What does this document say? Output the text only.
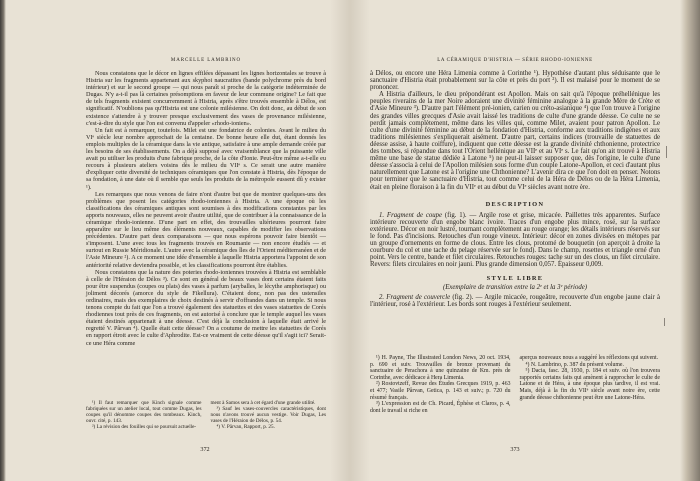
MARCELLE LAMBRINO

Nous constatons que le décor en lignes effilées dépassant les lignes horizontales se trouve à Histria sur les fragments appartenant aux skyphoi naucratites (bande polychrome près du bord intérieur) et sur le second groupe — qui nous paraît si proche de la catégorie indéterminée de Dugas. N'y a-t-il pas là certaines présomptions en faveur de leur commune origine? Le fait que de tels fragments existent concurremment à Histria, après s'être trouvés ensemble à Délos, est significatif. N'oublions pas qu'Histria est une colonie milésienne. On doit donc, au début de son existence s'attendre à y trouver presque exclusivement des vases de provenance milésienne, c'est-à-dire du style que l'on est convenu d'appeler «rhodo-ionien».

Un fait est à remarquer, toutefois. Milet est une fondatrice de colonies. Avant le milieu du VIᵉ siècle leur nombre approchait de la centaine. De bonne heure elle dut, étant donnés les emplois multiples de la céramique dans la vie antique, satisfaire à une ample demande créée par les besoins de ses établissements. On a déjà supposé avec vraisemblance que la puissante ville avait pu utiliser les produits d'une fabrique proche, de la côte d'Ionie. Peut-être même a-t-elle eu recours à plusieurs ateliers voisins dès le milieu du VIIᵉ s. Ce serait une autre manière d'expliquer cette diversité de techniques céramiques que l'on constate à Histria, dès l'époque de sa fondation, à une date où il semble que seuls les produits de la métropole eussent dû y exister ¹).

Les remarques que nous venons de faire n'ont d'autre but que de montrer quelques-uns des problèmes que posent les catégories rhodo-ioniennes à Histria. A une époque où les classifications des céramiques antiques sont soumises à des modifications constantes par les apports nouveaux, elles ne peuvent avoir d'autre utilité, que de contribuer à la connaissance de la céramique rhodo-ionienne. D'une part en effet, des trouvailles ultérieures pourront faire apparaître sur le lieu même des éléments nouveaux, capables de modifier les observations précédentes. D'autre part deux comparaisons — que nous espérons pouvoir faire bientôt — s'imposent. L'une avec tous les fragments trouvés en Roumanie — non encore étudiés — et surtout en Russie Méridionale. L'autre avec la céramique des îles de l'Orient méditerranéen et de l'Asie Mineure ²). A ce moment une idée d'ensemble à laquelle Histria apportera l'appoint de son antériorité relative deviendra possible, et les classifications pourront être établies.

Nous constatons que la nature des poteries rhodo-ioniennes trouvées à Histria est semblable à celle de l'Héraion de Délos ³). Ce sont en général de beaux vases dont certains étaient faits pour être suspendus (coupes ou plats) des vases à parfum (aryballes, le lécythe amphorisque) ou joliment décorés (amorce du style de Fikellura). C'étaient donc, non pas des ustensiles ordinaires, mais des exemplaires de choix destinés à servir d'offrandes dans un temple. Si nous tenons compte du fait que l'on a trouvé également des statuettes et des vases statuettes de Corés rhodiennes tout près de ces fragments, on est autorisé à conclure que le temple auquel les vases étaient destinés appartenait à une déesse. C'est déjà la conclusion à laquelle était arrivé le regretté V. Pârvan ⁴). Quelle était cette déesse? On a coutume de mettre les statuettes de Corés en rapport étroit avec le culte d'Aphrodite. Est-ce vraiment de cette déesse qu'il s'agit ici? Serait-ce une Héra comme

¹) Il faut remarquer que Kinch signale comme fabriquées sur un atelier local, tout comme Dugas, les coupes qu'il dénomme coupes des tombeaux. Kinch, ouvr. cité, p. 143.

²) La révision des fouilles qui se poursuit actuelle-

ment à Samos sera à cet égard d'une grande utilité.

³) Sauf les vases-couvercles caractéristiques, dont nous n'avons trouvé aucun vestige. Voir Dugas, Les vases de l'Héraion de Délos, p. 54.

⁴) V. Pârvan, Rapport, p. 25.

372
LA CÉRAMIQUE D'HISTRIA — SÉRIE RHODO-IONIENNE

à Délos, ou encore une Héra Limenia comme à Corinthe ¹). Hypothèse d'autant plus séduisante que le sanctuaire d'Histria était probablement sur la côte et près du port ²). Il est malaisé pour le moment de se prononcer.

A Histria d'ailleurs, le dieu prépondérant est Apollon. Mais on sait qu'à l'époque préhellénique les peuples riverains de la mer Noire adoraient une divinité féminine analogue à la grande Mère de Crète et d'Asie Mineure ³). D'autre part l'élément pré-ionien, carien ou créto-asianique ⁴) que l'on trouve à l'origine des grandes villes grecques d'Asie avait laissé les traditions de culte d'une grande déesse. Ce culte ne se perdit jamais complètement, même dans les villes qui, comme Milet, avaient pour patron Apollon. Le culte d'une divinité féminine au début de la fondation d'Histria, conforme aux traditions indigènes et aux traditions milésiennes s'expliquerait aisément. D'autre part, certains indices (trouvaille de statuettes de déesse assise, à haute coiffure), indiquent que cette déesse est la grande divinité chthonienne, protectrice des tombes, si répandue dans tout l'Orient hellénique au VIIᵉ et au VIᵉ s. Le fait qu'on ait trouvé à Histria même une base de statue dédiée à Latone ⁵) ne peut-il laisser supposer que, dès l'origine, le culte d'une déesse s'associa à celui de l'Apollon milésien sous forme d'un couple Latone-Apollon, et ceci d'autant plus naturellement que Latone est à l'origine une Chthonienne? L'avenir dira ce que l'on doit en penser. Notons pour terminer que le sanctuaire d'Histria, tout comme celui de la Héra de Délos ou de la Héra Limenia, était en pleine floraison à la fin du VIIᵉ et au début du VIᵉ siècles avant notre ère.

DESCRIPTION

1. Fragment de coupe (fig. 1). — Argile rose et grise, micacée. Paillettes très apparentes. Surface intérieure recouverte d'un engobe blanc ivoire. Traces d'un engobe plus mince, rosé, sur la surface extérieure. Décor en noir lustré, tournant complètement au rouge orange; les détails intérieurs réservés sur le fond. Pas d'incisions. Retouches d'un rouge vineux. Intérieur: décor en zones divisées en métopes par un groupe d'ornements en forme de clous. Entre les clous, protomé de bouquetin (on aperçoit à droite la courbure du col et une tache du pelage réservée sur le fond). Dans le champ, rosettes et triangle orné d'un point. Vers le centre, bande et filet circulaires. Retouches rouges: tache sur un des clous, un filet circulaire. Revers: filets circulaires en noir jauni. Plus grande dimension 0,057. Épaisseur 0,009.

STYLE LIBRE
(Exemplaire de transition entre la 2ᵉ et la 3ᵉ période)

2. Fragment de couvercle (fig. 2). — Argile micacée, rougeâtre, recouverte d'un engobe jaune clair à l'intérieur, rosé à l'extérieur. Les bords sont rouges à l'extérieur seulement.

¹) H. Payne, The Illustrated London News, 20 oct. 1934, p. 690 et suiv. Trouvailles de bronze provenant du sanctuaire de Perachora à une quinzaine de Km. près de Corinthe, avec dédicace à Hera Limenia.

²) Rostovtzeff, Revue des Études Grecques 1919, p. 463 et 477; Vasile Pârvan, Getica, p. 143 et suiv.; p. 720 du résumé français.

³) L'expression est de Ch. Picard, Éphèse et Claros, p. 4, dont le travail si riche en

aperçus nouveaux nous a suggéré les réflexions qui suivent.

⁴) N. Lambrino, p. 387 du présent volume.

⁵) Dacia, fasc. 28, 1930, p. 184 et suiv. où l'on trouvera rapportés certains faits qui amènent à rapprocher le culte de Latone et de Héra, à une époque plus tardive, il est vrai. Mais, déjà à la fin du VIIᵉ siècle avant notre ère, cette grande déesse chthonienne peut être une Latone-Héra.

373
